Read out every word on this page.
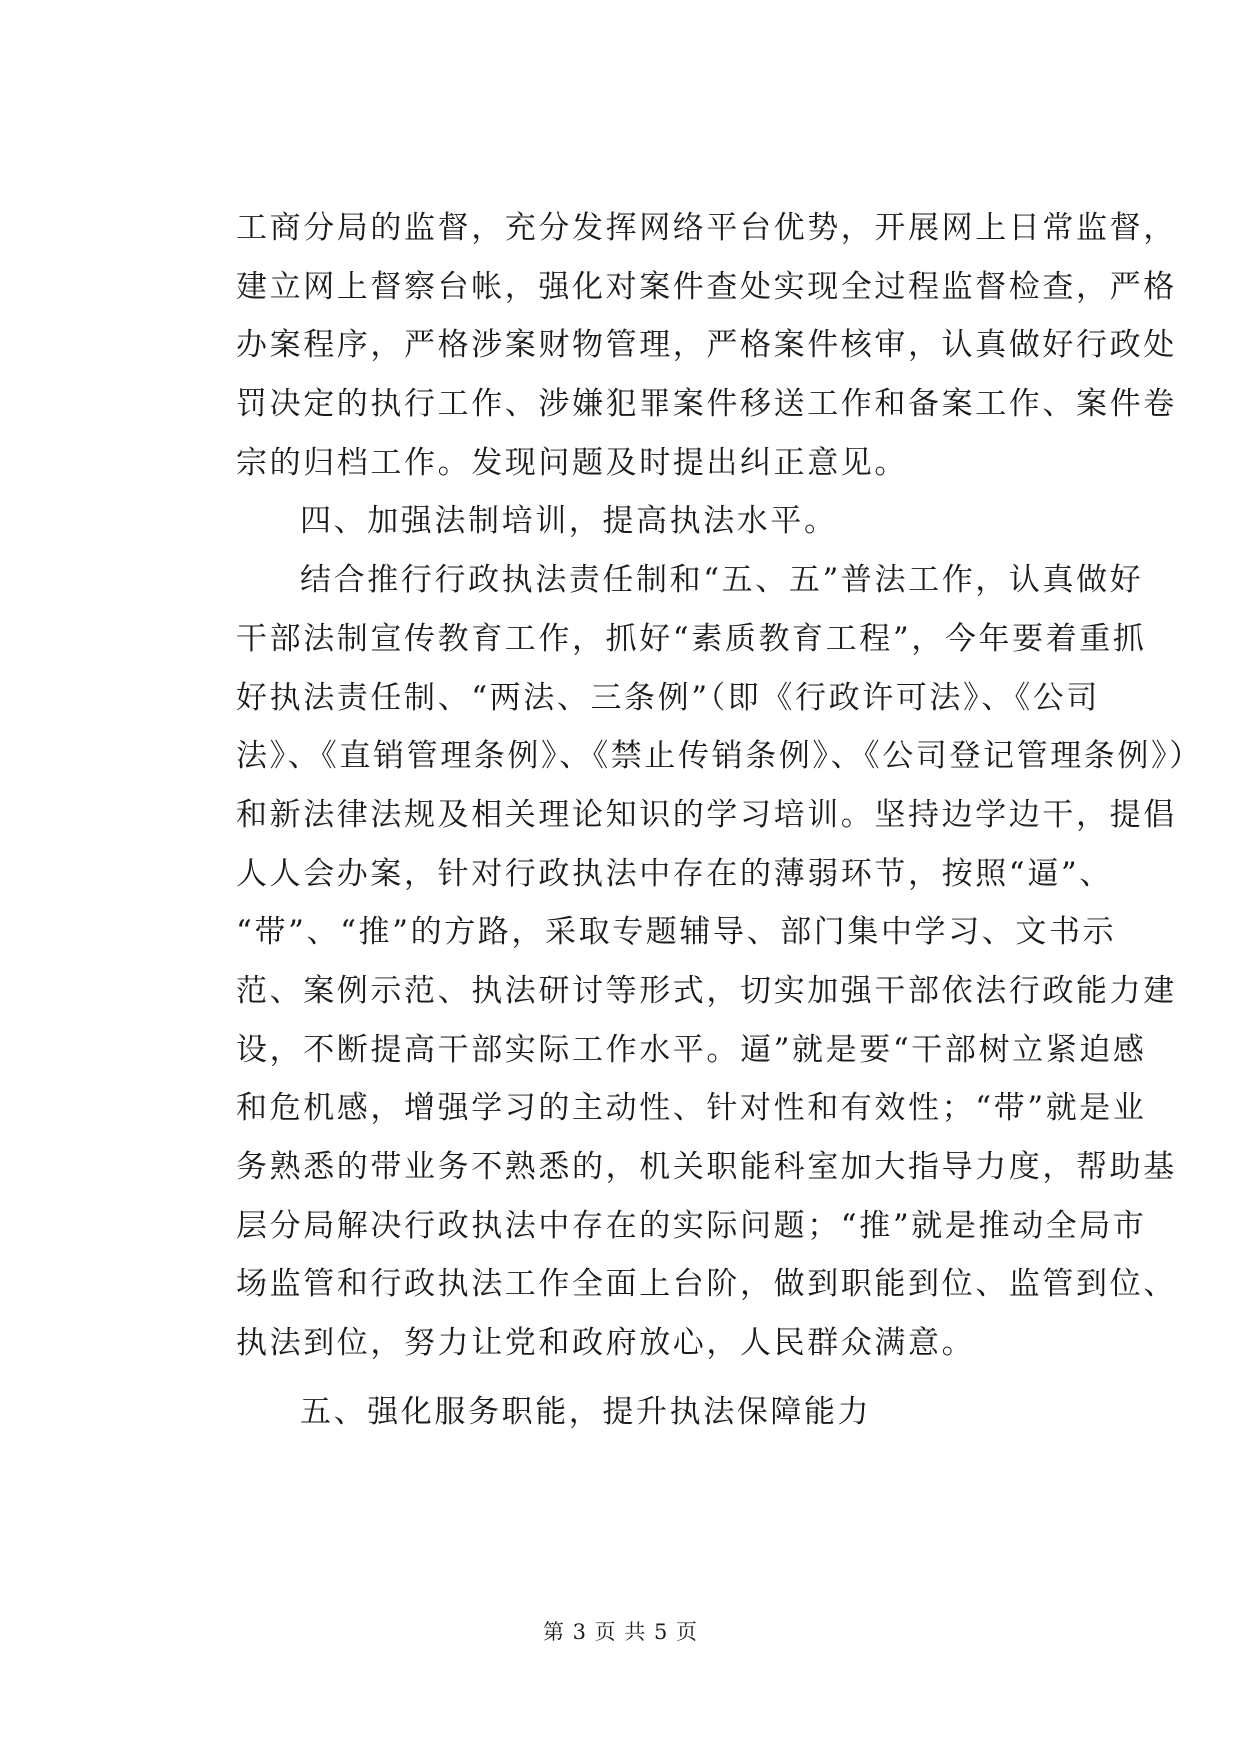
工商分局的监督，充分发挥网络平台优势，开展网上日常监督，
建立网上督察台帐，强化对案件查处实现全过程监督检查，严格
办案程序，严格涉案财物管理，严格案件核审，认真做好行政处
罚决定的执行工作、涉嫌犯罪案件移送工作和备案工作、案件卷
宗的归档工作。发现问题及时提出纠正意见。
四、加强法制培训，提高执法水平。
结合推行行政执法责任制和“五、五”普法工作，认真做好
干部法制宣传教育工作，抓好“素质教育工程”，今年要着重抓
好执法责任制、“两法、三条例”（即《行政许可法》、《公司
法》、《直销管理条例》、《禁止传销条例》、《公司登记管理条例》）
和新法律法规及相关理论知识的学习培训。坚持边学边干，提倡
人人会办案，针对行政执法中存在的薄弱环节，按照“逼”、
“带”、“推”的方路，采取专题辅导、部门集中学习、文书示
范、案例示范、执法研讨等形式，切实加强干部依法行政能力建
设，不断提高干部实际工作水平。逼”就是要“干部树立紧迫感
和危机感，增强学习的主动性、针对性和有效性；“带”就是业
务熟悉的带业务不熟悉的，机关职能科室加大指导力度，帮助基
层分局解决行政执法中存在的实际问题；“推”就是推动全局市
场监管和行政执法工作全面上台阶，做到职能到位、监管到位、
执法到位，努力让党和政府放心，人民群众满意。
五、强化服务职能，提升执法保障能力
第 3 页 共 5 页
